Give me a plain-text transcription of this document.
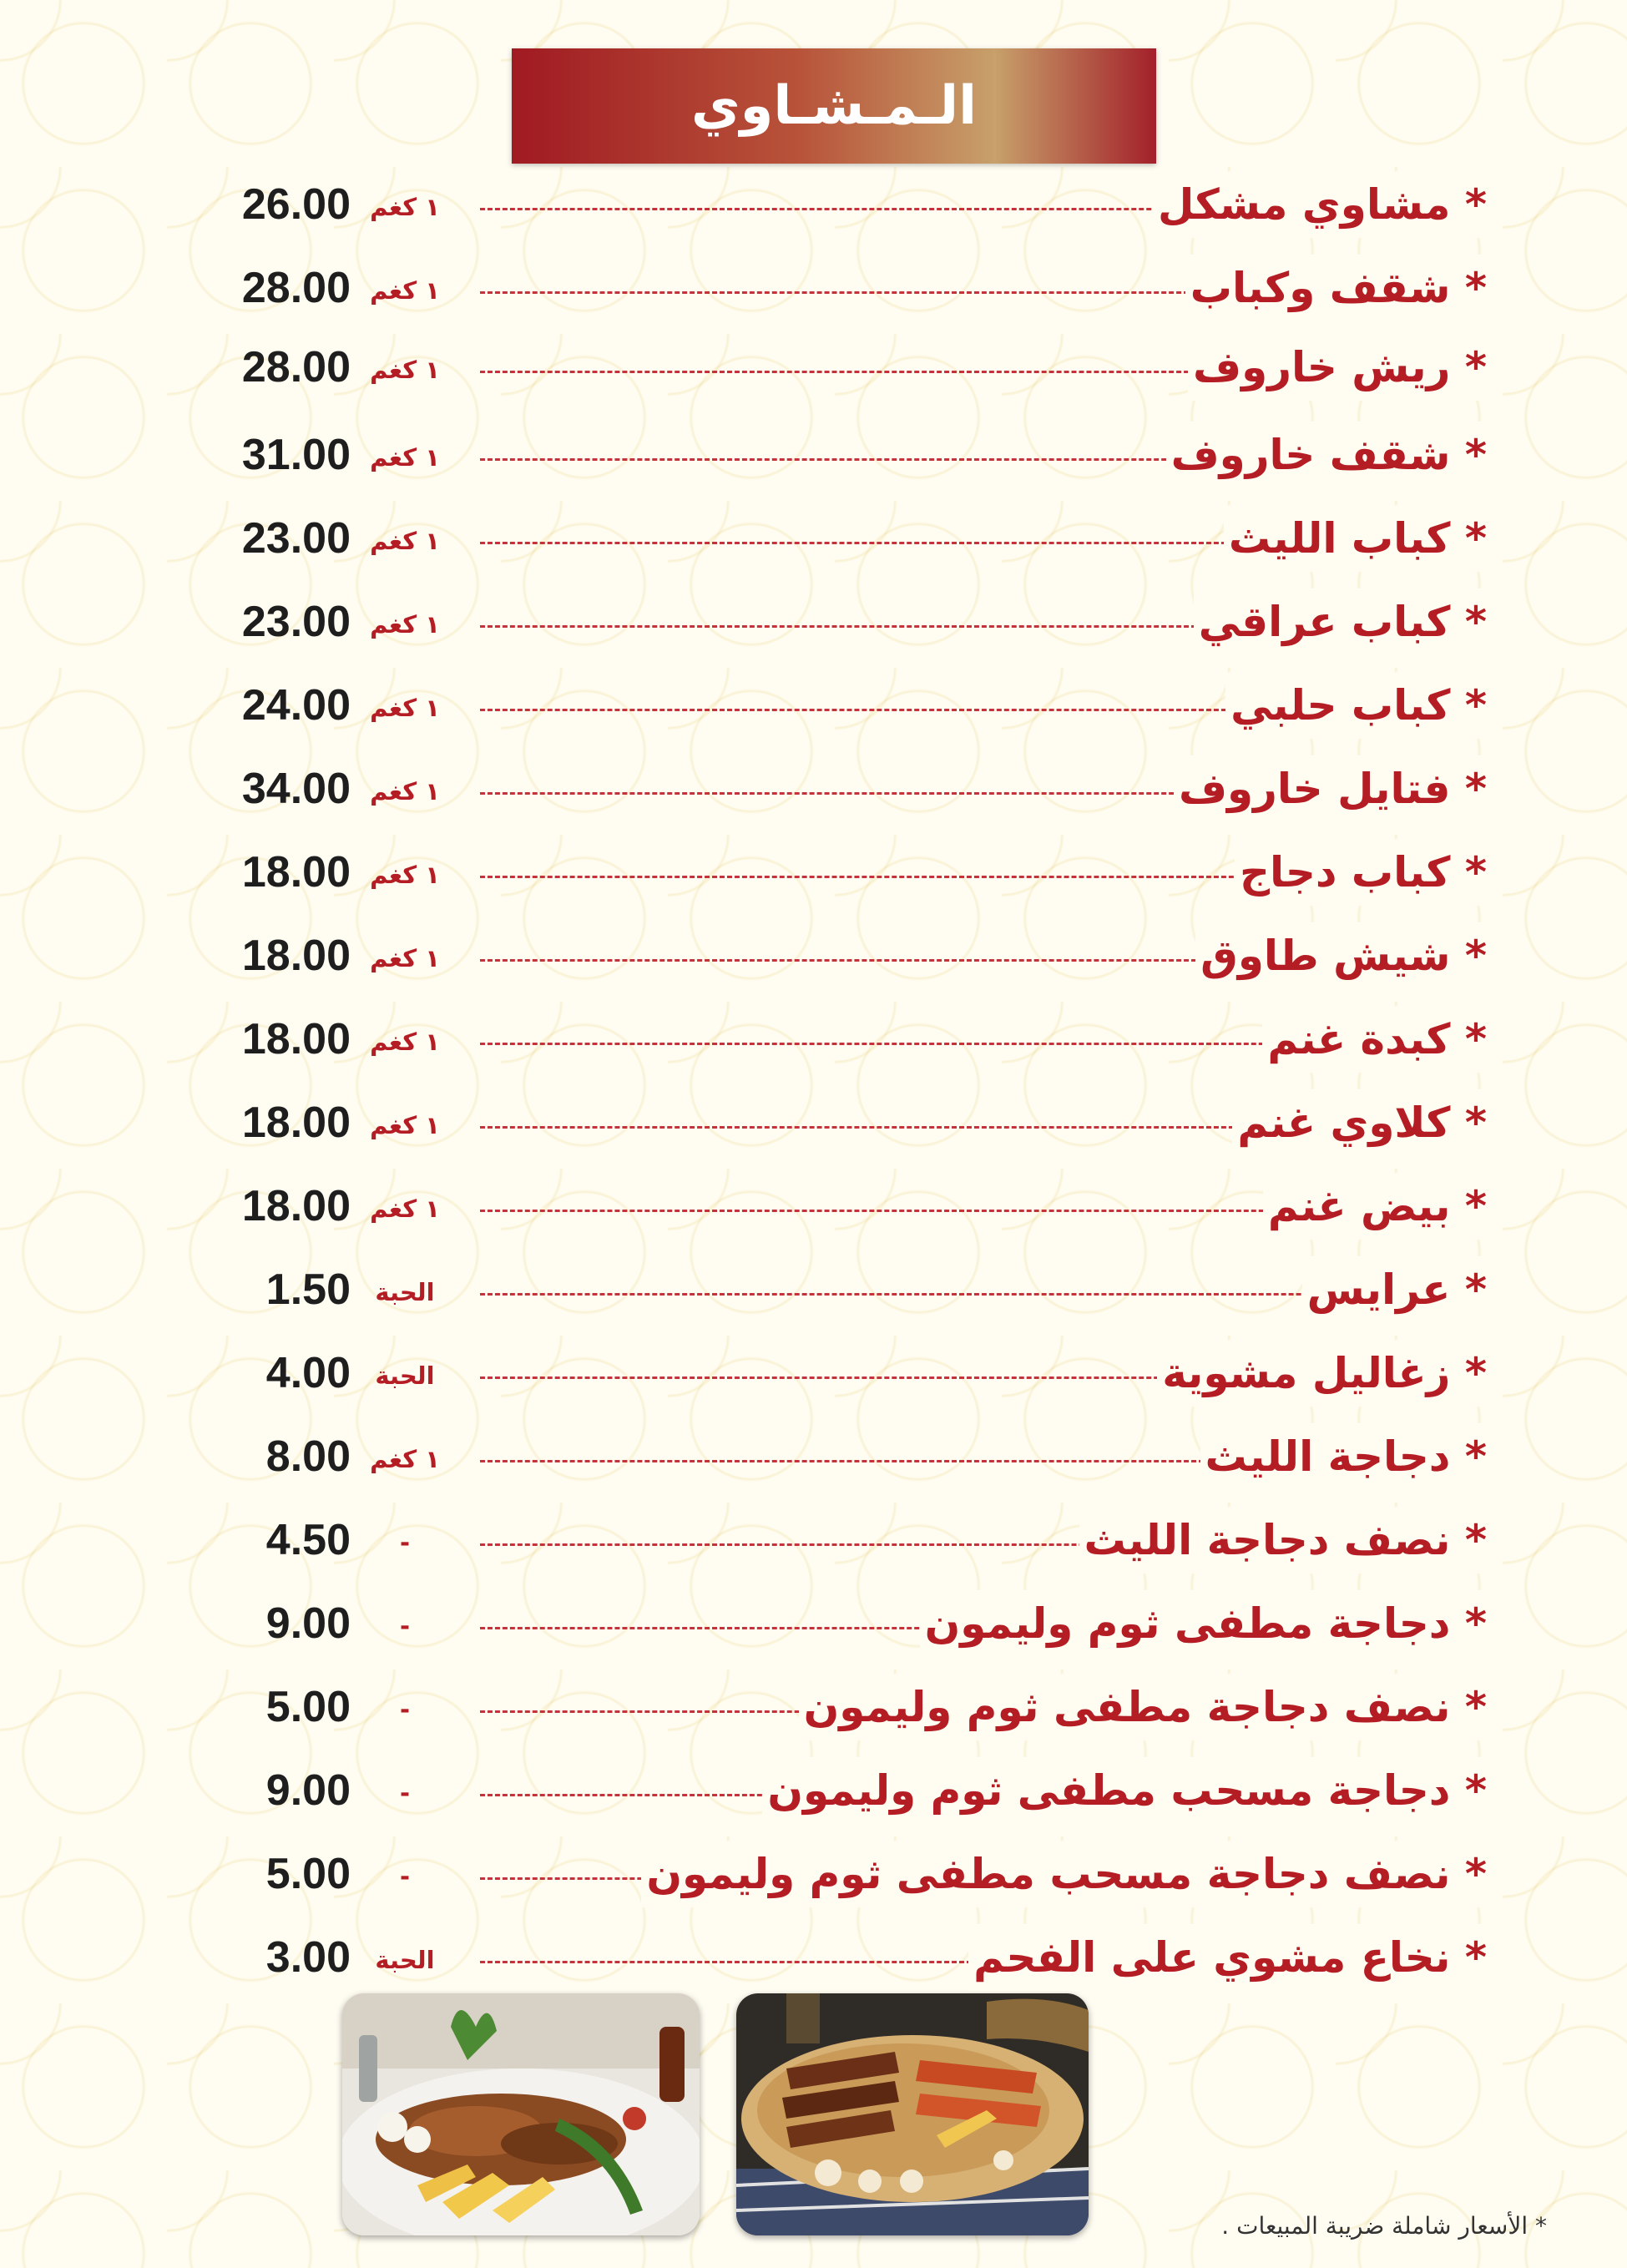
الـمـشـاوي
* مشاوي مشكل
١ كغم
26.00
* شقف وكباب
١ كغم
28.00
* ريش خاروف
١ كغم
28.00
* شقف خاروف
١ كغم
31.00
* كباب الليث
١ كغم
23.00
* كباب عراقي
١ كغم
23.00
* كباب حلبي
١ كغم
24.00
* فتايل خاروف
١ كغم
34.00
* كباب دجاج
١ كغم
18.00
* شيش طاوق
١ كغم
18.00
* كبدة غنم
١ كغم
18.00
* كلاوي غنم
١ كغم
18.00
* بيض غنم
١ كغم
18.00
* عرايس
الحبة
1.50
* زغاليل مشوية
الحبة
4.00
* دجاجة الليث
١ كغم
8.00
* نصف دجاجة الليث
-
4.50
* دجاجة مطفى ثوم وليمون
-
9.00
* نصف دجاجة مطفى ثوم وليمون
-
5.00
* دجاجة مسحب مطفى ثوم وليمون
-
9.00
* نصف دجاجة مسحب مطفى ثوم وليمون
-
5.00
* نخاع مشوي على الفحم
الحبة
3.00
* الأسعار شاملة ضريبة المبيعات .
